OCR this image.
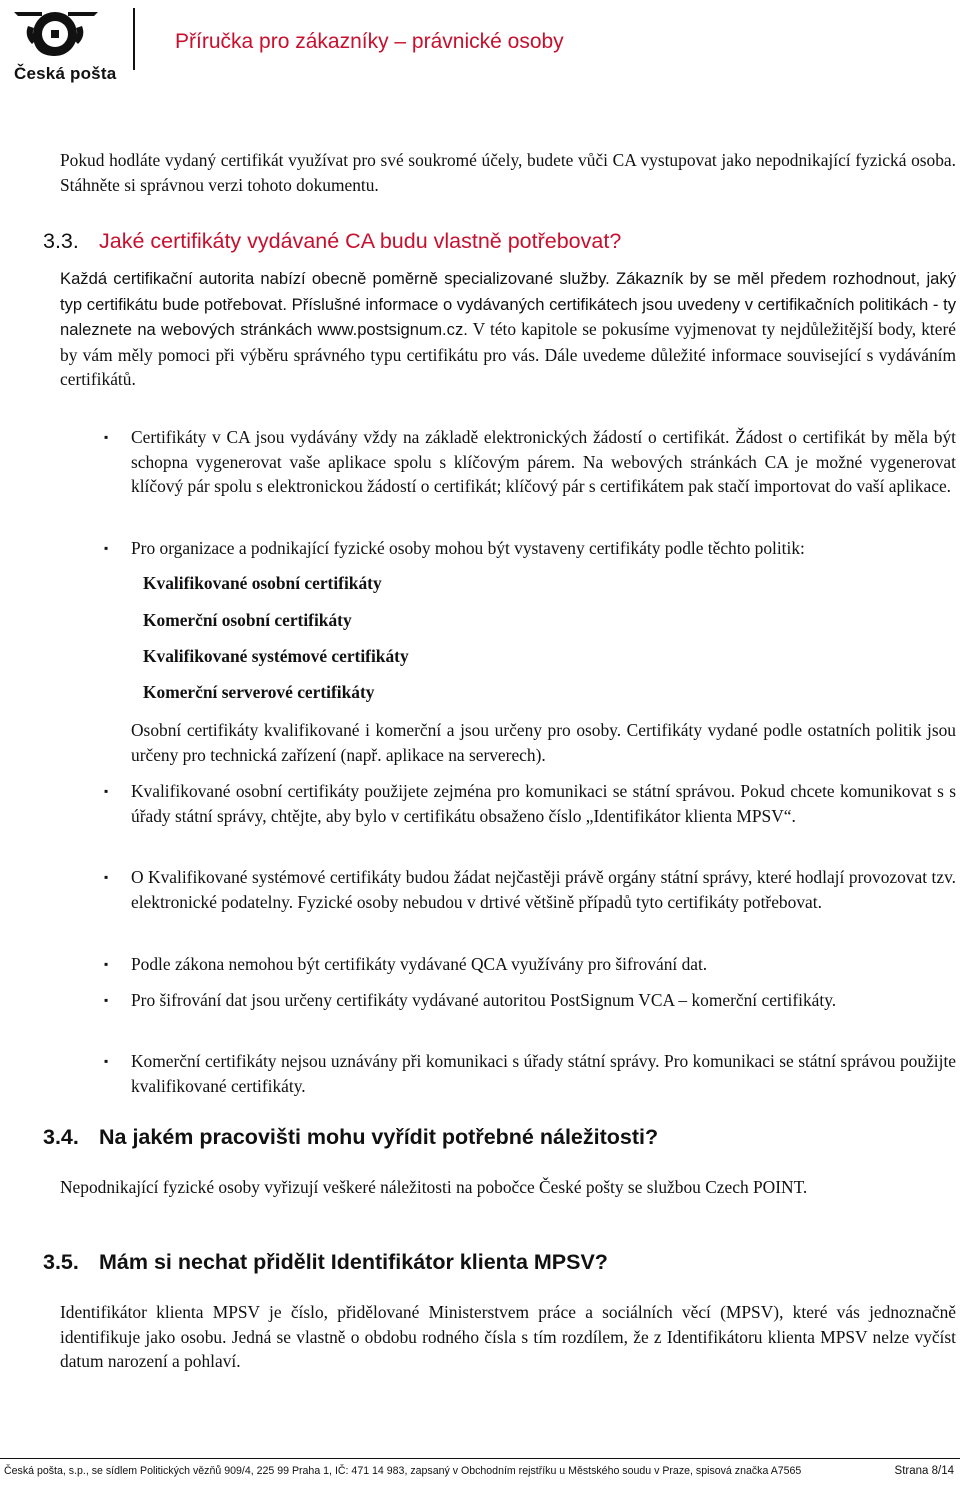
Česká pošta
Příručka pro zákazníky – právnické osoby
Pokud hodláte vydaný certifikát využívat pro své soukromé účely, budete vůči CA vystupovat jako nepodnikající fyzická osoba. Stáhněte si správnou verzi tohoto dokumentu.
3.3. Jaké certifikáty vydávané CA budu vlastně potřebovat?
Každá certifikační autorita nabízí obecně poměrně specializované služby. Zákazník by se měl předem rozhodnout, jaký typ certifikátu bude potřebovat. Příslušné informace o vydávaných certifikátech jsou uvedeny v certifikačních politikách - ty naleznete na webových stránkách www.postsignum.cz. V této kapitole se pokusíme vyjmenovat ty nejdůležitější body, které by vám měly pomoci při výběru správného typu certifikátu pro vás. Dále uvedeme důležité informace související s vydáváním certifikátů.
▪ Certifikáty v CA jsou vydávány vždy na základě elektronických žádostí o certifikát. Žádost o certifikát by měla být schopna vygenerovat vaše aplikace spolu s klíčovým párem. Na webových stránkách CA je možné vygenerovat klíčový pár spolu s elektronickou žádostí o certifikát; klíčový pár s certifikátem pak stačí importovat do vaší aplikace.
▪ Pro organizace a podnikající fyzické osoby mohou být vystaveny certifikáty podle těchto politik:
Kvalifikované osobní certifikáty
Komerční osobní certifikáty
Kvalifikované systémové certifikáty
Komerční serverové certifikáty
Osobní certifikáty kvalifikované i komerční a jsou určeny pro osoby. Certifikáty vydané podle ostatních politik jsou určeny pro technická zařízení (např. aplikace na serverech).
▪ Kvalifikované osobní certifikáty použijete zejména pro komunikaci se státní správou. Pokud chcete komunikovat s s úřady státní správy, chtějte, aby bylo v certifikátu obsaženo číslo „Identifikátor klienta MPSV“.
▪ O Kvalifikované systémové certifikáty budou žádat nejčastěji právě orgány státní správy, které hodlají provozovat tzv. elektronické podatelny. Fyzické osoby nebudou v drtivé většině případů tyto certifikáty potřebovat.
▪ Podle zákona nemohou být certifikáty vydávané QCA využívány pro šifrování dat.
▪ Pro šifrování dat jsou určeny certifikáty vydávané autoritou PostSignum VCA – komerční certifikáty.
▪ Komerční certifikáty nejsou uznávány při komunikaci s úřady státní správy. Pro komunikaci se státní správou použijte kvalifikované certifikáty.
3.4. Na jakém pracovišti mohu vyřídit potřebné náležitosti?
Nepodnikající fyzické osoby vyřizují veškeré náležitosti na pobočce České pošty se službou Czech POINT.
3.5. Mám si nechat přidělit Identifikátor klienta MPSV?
Identifikátor klienta MPSV je číslo, přidělované Ministerstvem práce a sociálních věcí (MPSV), které vás jednoznačně identifikuje jako osobu. Jedná se vlastně o obdobu rodného čísla s tím rozdílem, že z Identifikátoru klienta MPSV nelze vyčíst datum narození a pohlaví.
Česká pošta, s.p., se sídlem Politických vězňů 909/4, 225 99 Praha 1, IČ: 471 14 983, zapsaný v Obchodním rejstříku u Městského soudu v Praze, spisová značka A7565	Strana 8/14
